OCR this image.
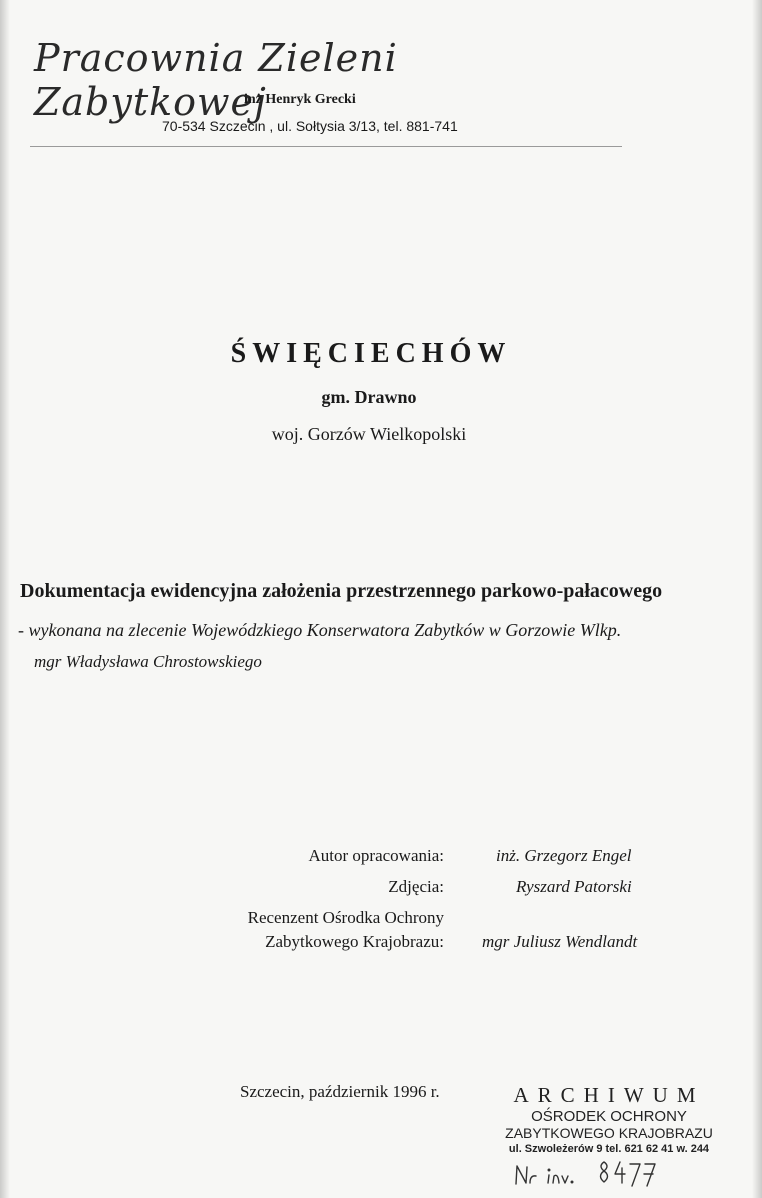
Pracownia Zieleni Zabytkowej
inż Henryk Grecki
70-534 Szczecin , ul. Sołtysia 3/13, tel. 881-741
ŚWIĘCIECHÓW
gm. Drawno
woj. Gorzów Wielkopolski
Dokumentacja ewidencyjna założenia przestrzennego parkowo-pałacowego
- wykonana na zlecenie Wojewódzkiego Konserwatora Zabytków w Gorzowie Wlkp.
mgr Władysława Chrostowskiego
Autor opracowania:	inż. Grzegorz Engel
Zdjęcia:	Ryszard Patorski
Recenzent Ośrodka Ochrony
Zabytkowego Krajobrazu: mgr Juliusz Wendlandt
Szczecin, październik 1996 r.	ARCHIWUM
OŚRODEK OCHRONY
ZABYTKOWEGO KRAJOBRAZU
ul. Szwoleżerów 9 tel. 621 62 41 w. 244
